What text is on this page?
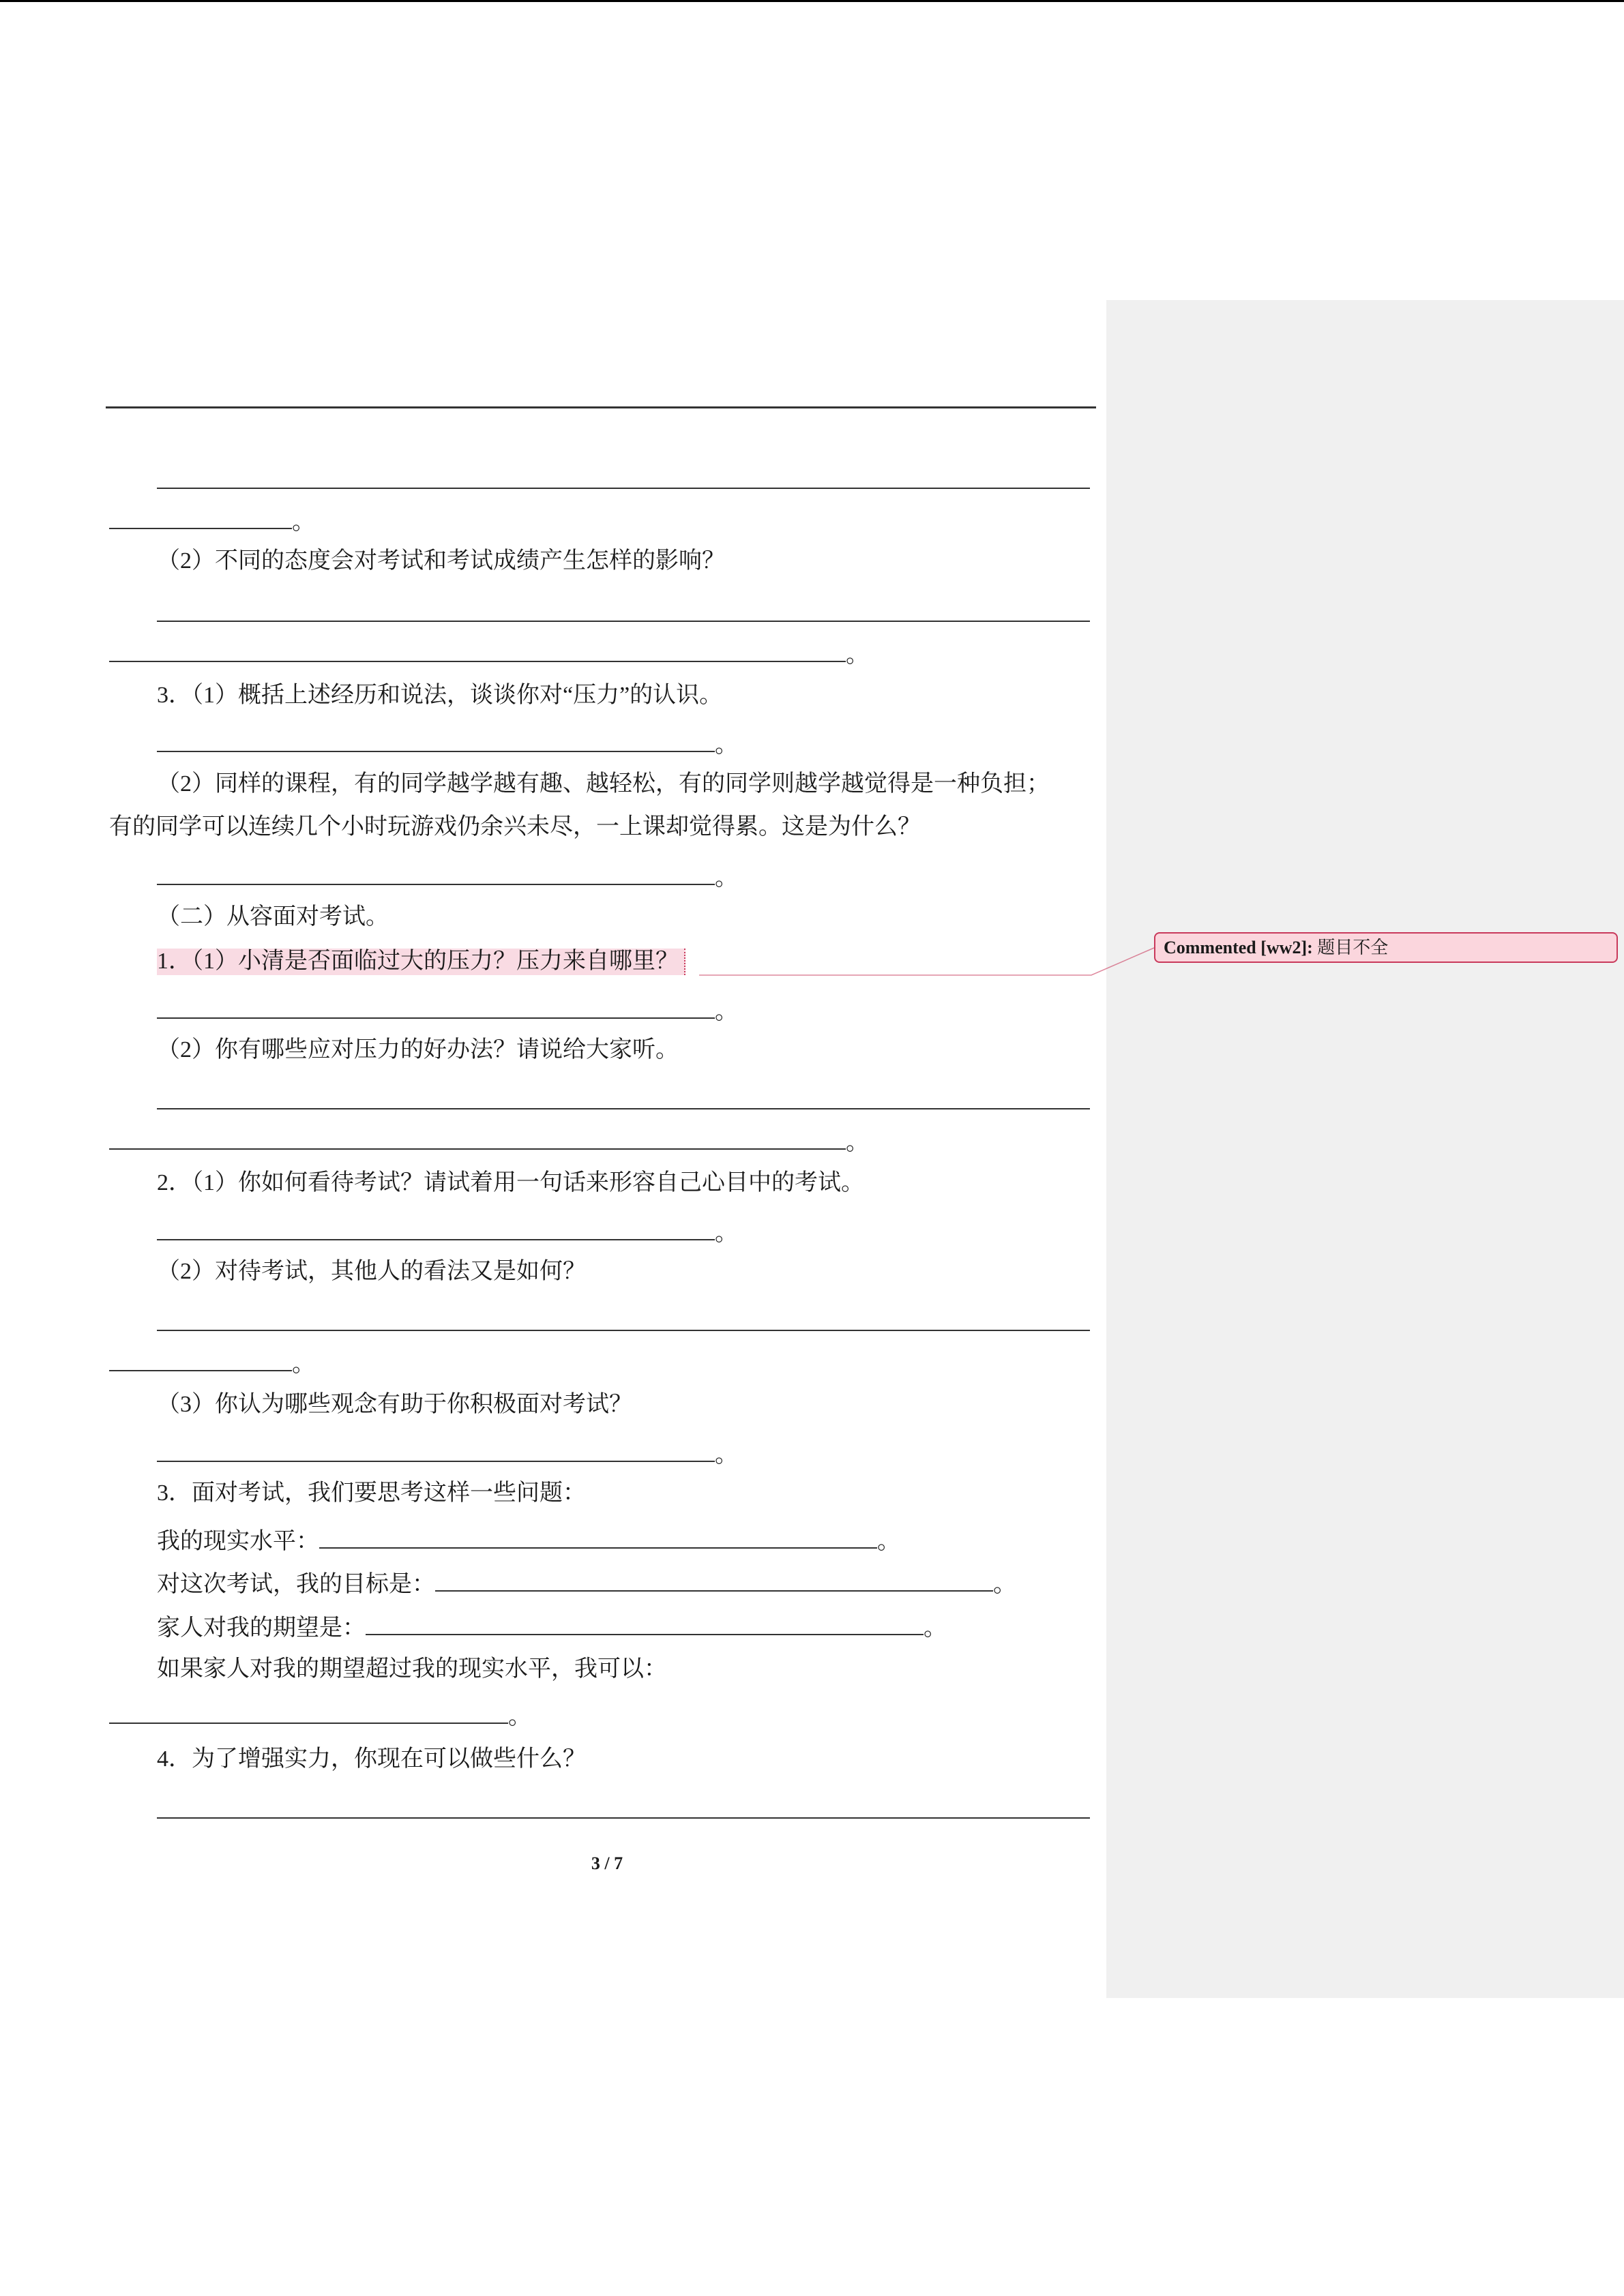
。
（2）不同的态度会对考试和考试成绩产生怎样的影响？
。
3．（1）概括上述经历和说法，谈谈你对“压力”的认识。
。
（2）同样的课程，有的同学越学越有趣、越轻松，有的同学则越学越觉得是一种负担；
有的同学可以连续几个小时玩游戏仍余兴未尽，一上课却觉得累。这是为什么？
。
（二）从容面对考试。
1．（1）小清是否面临过大的压力？压力来自哪里？
。
（2）你有哪些应对压力的好办法？请说给大家听。
。
2．（1）你如何看待考试？请试着用一句话来形容自己心目中的考试。
。
（2）对待考试，其他人的看法又是如何？
。
（3）你认为哪些观念有助于你积极面对考试？
。
3．面对考试，我们要思考这样一些问题：
我的现实水平：	。
对这次考试，我的目标是：	。
家人对我的期望是：	。
如果家人对我的期望超过我的现实水平，我可以：
。
4．为了增强实力，你现在可以做些什么？
3 / 7
Commented [ww2]: 题目不全
